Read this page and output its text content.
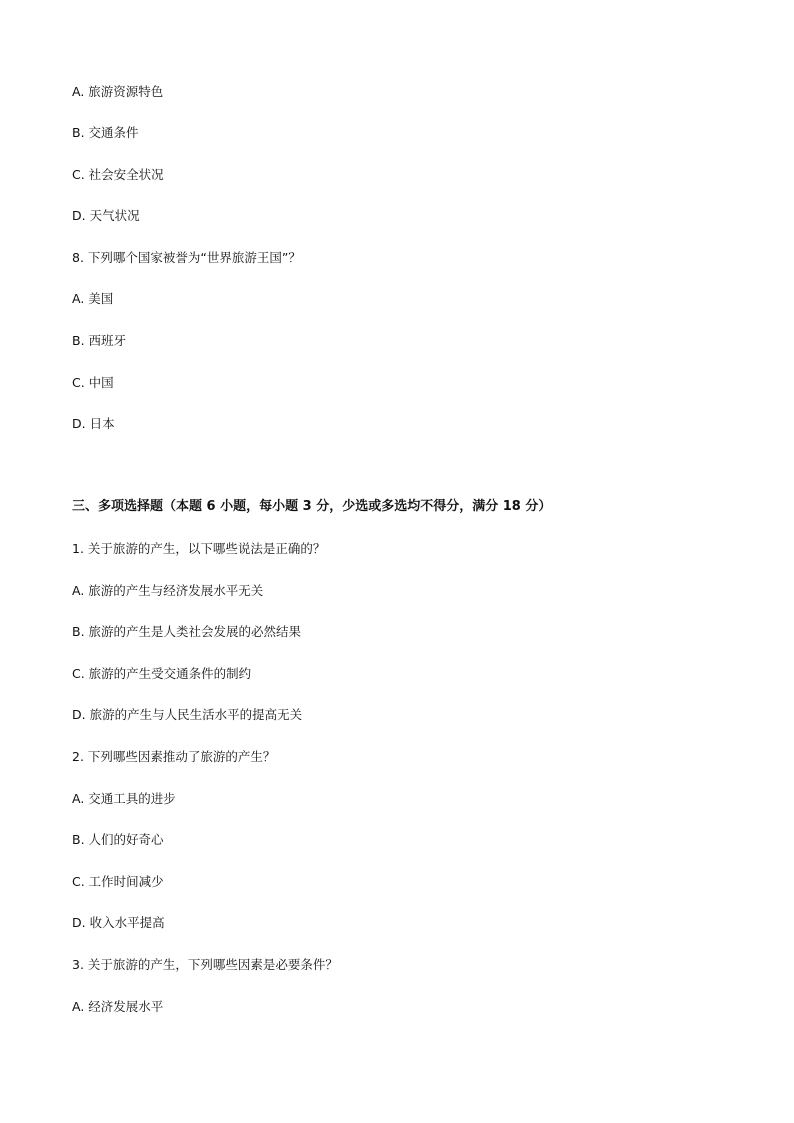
A. 旅游资源特色
B. 交通条件
C. 社会安全状况
D. 天气状况
8. 下列哪个国家被誉为“世界旅游王国”？
A. 美国
B. 西班牙
C. 中国
D. 日本
三、多项选择题（本题 6 小题，每小题 3 分，少选或多选均不得分，满分 18 分）
1. 关于旅游的产生，以下哪些说法是正确的？
A. 旅游的产生与经济发展水平无关
B. 旅游的产生是人类社会发展的必然结果
C. 旅游的产生受交通条件的制约
D. 旅游的产生与人民生活水平的提高无关
2. 下列哪些因素推动了旅游的产生？
A. 交通工具的进步
B. 人们的好奇心
C. 工作时间减少
D. 收入水平提高
3. 关于旅游的产生，下列哪些因素是必要条件？
A. 经济发展水平
